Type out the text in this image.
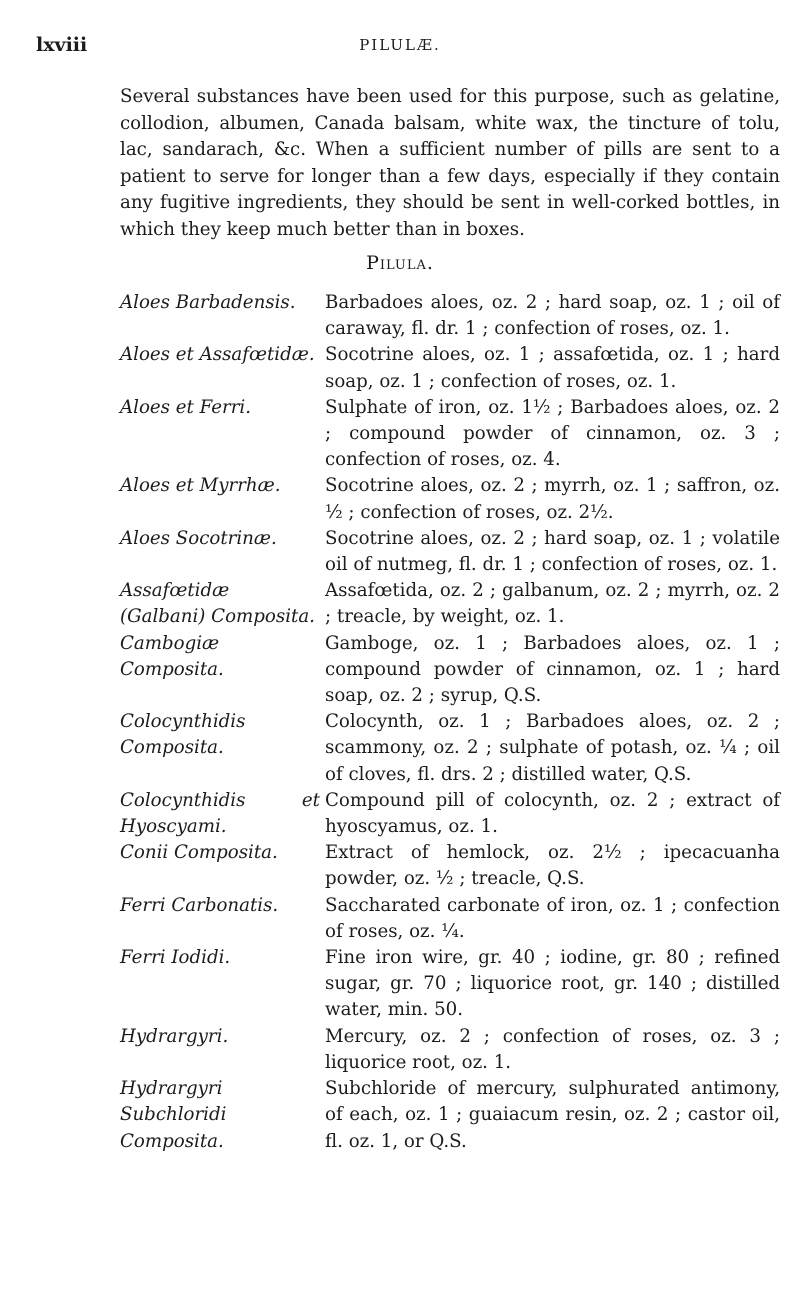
lxviii	PILULÆ.

Several substances have been used for this purpose, such as gelatine, collodion, albumen, Canada balsam, white wax, the tincture of tolu, lac, sandarach, &c. When a sufficient number of pills are sent to a patient to serve for longer than a few days, especially if they contain any fugitive ingredients, they should be sent in well-corked bottles, in which they keep much better than in boxes.

Pilula.
Aloes Barbadensis.	Barbadoes aloes, oz. 2 ; hard soap, oz. 1 ; oil of caraway, fl. dr. 1 ; confection of roses, oz. 1.
Aloes et Assafœtidæ. Socotrine aloes, oz. 1 ; assafœtida, oz. 1 ; hard soap, oz. 1 ; confection of roses, oz. 1.
Aloes et Ferri.	Sulphate of iron, oz. 1½ ; Barbadoes aloes, oz. 2 ; compound powder of cinnamon, oz. 3 ; confection of roses, oz. 4.
Aloes et Myrrhæ.	Socotrine aloes, oz. 2 ; myrrh, oz. 1 ; saffron, oz. ½ ; confection of roses, oz. 2½.
Aloes Socotrinæ.	Socotrine aloes, oz. 2 ; hard soap, oz. 1 ; volatile oil of nutmeg, fl. dr. 1 ; confection of roses, oz. 1.
Assafœtidæ (Galbani) Composita.
Assafœtida, oz. 2 ; galbanum, oz. 2 ; myrrh, oz. 2 ; treacle, by weight, oz. 1.
Cambogiæ Composita.
Gamboge, oz. 1 ; Barbadoes aloes, oz. 1 ; compound powder of cinnamon, oz. 1 ; hard soap, oz. 2 ; syrup, Q.S.
Colocynthidis Composita.
Colocynth, oz. 1 ; Barbadoes aloes, oz. 2 ; scammony, oz. 2 ; sulphate of potash, oz. ¼ ; oil of cloves, fl. drs. 2 ; distilled water, Q.S.
Colocynthidis et Hyoscyami.
Compound pill of colocynth, oz. 2 ; extract of hyoscyamus, oz. 1.
Conii Composita.	Extract of hemlock, oz. 2½ ; ipecacuanha powder, oz. ½ ; treacle, Q.S.
Ferri Carbonatis.	Saccharated carbonate of iron, oz. 1 ; confection of roses, oz. ¼.
Ferri Iodidi.	Fine iron wire, gr. 40 ; iodine, gr. 80 ; refined sugar, gr. 70 ; liquorice root, gr. 140 ; distilled water, min. 50.
Hydrargyri.	Mercury, oz. 2 ; confection of roses, oz. 3 ; liquorice root, oz. 1.
Hydrargyri Subchloridi Composita.
Subchloride of mercury, sulphurated antimony, of each, oz. 1 ; guaiacum resin, oz. 2 ; castor oil, fl. oz. 1, or Q.S.
